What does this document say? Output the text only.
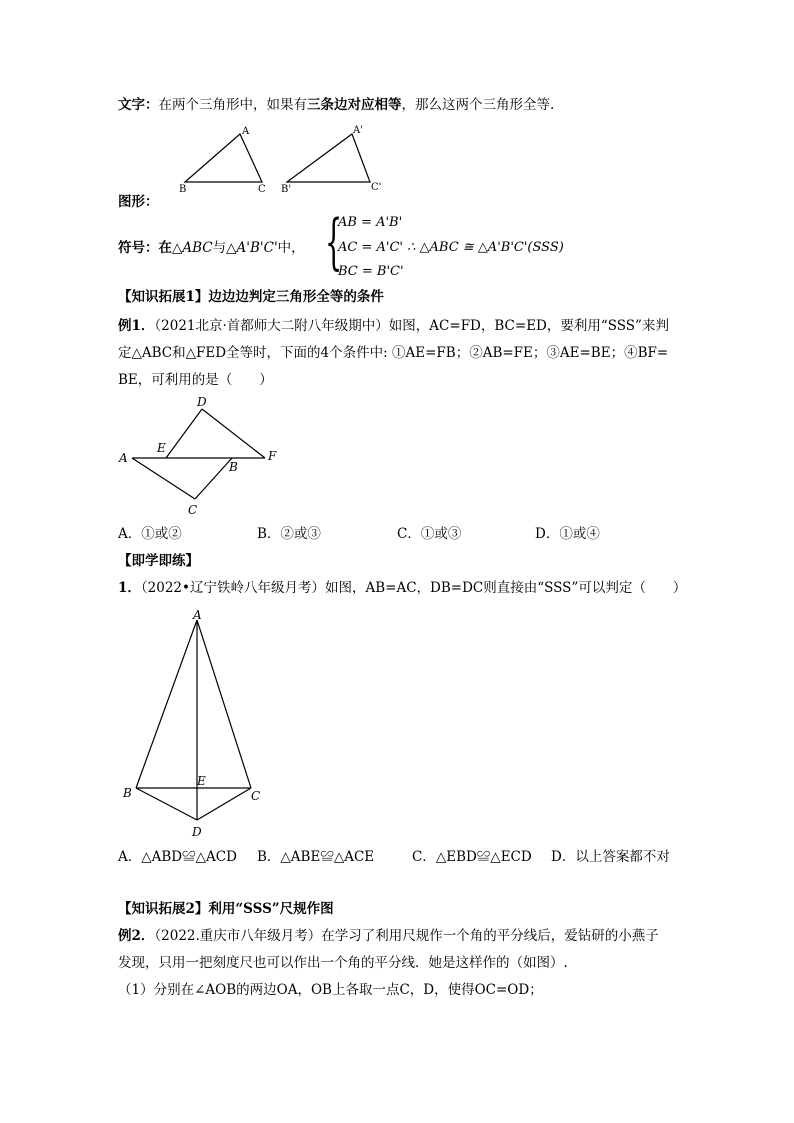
文字：在两个三角形中，如果有三条边对应相等，那么这两个三角形全等.
A
B	C
A'
B'	C'
图形：
符号：在△ABC与△A'B'C'中， {
AB = A'B'
AC = A'C' ∴ △ABC ≅ △A'B'C'(SSS)
BC = B'C'
【知识拓展1】边边边判定三角形全等的条件
例1．（2021北京·首都师大二附八年级期中）如图，AC=FD，BC=ED，要利用“SSS”来判
定△ABC和△FED全等时，下面的4个条件中: ①AE=FB；②AB=FE；③AE=BE；④BF=
BE，可利用的是（　　）
D
E
A
B
F
C
A．①或②	B．②或③	C．①或③	D．①或④
【即学即练】
1．（2022•辽宁铁岭八年级月考）如图，AB=AC，DB=DC则直接由“SSS”可以判定（　　）
A
B
E
C
D
A．△ABD≌△ACD B．△ABE≌△ACE	C．△EBD≌△ECD D．以上答案都不对
【知识拓展2】利用“SSS”尺规作图
例2．（2022.重庆市八年级月考）在学习了利用尺规作一个角的平分线后，爱钻研的小燕子
发现，只用一把刻度尺也可以作出一个角的平分线．她是这样作的（如图）.
（1）分别在∠AOB的两边OA，OB上各取一点C，D，使得OC=OD；
